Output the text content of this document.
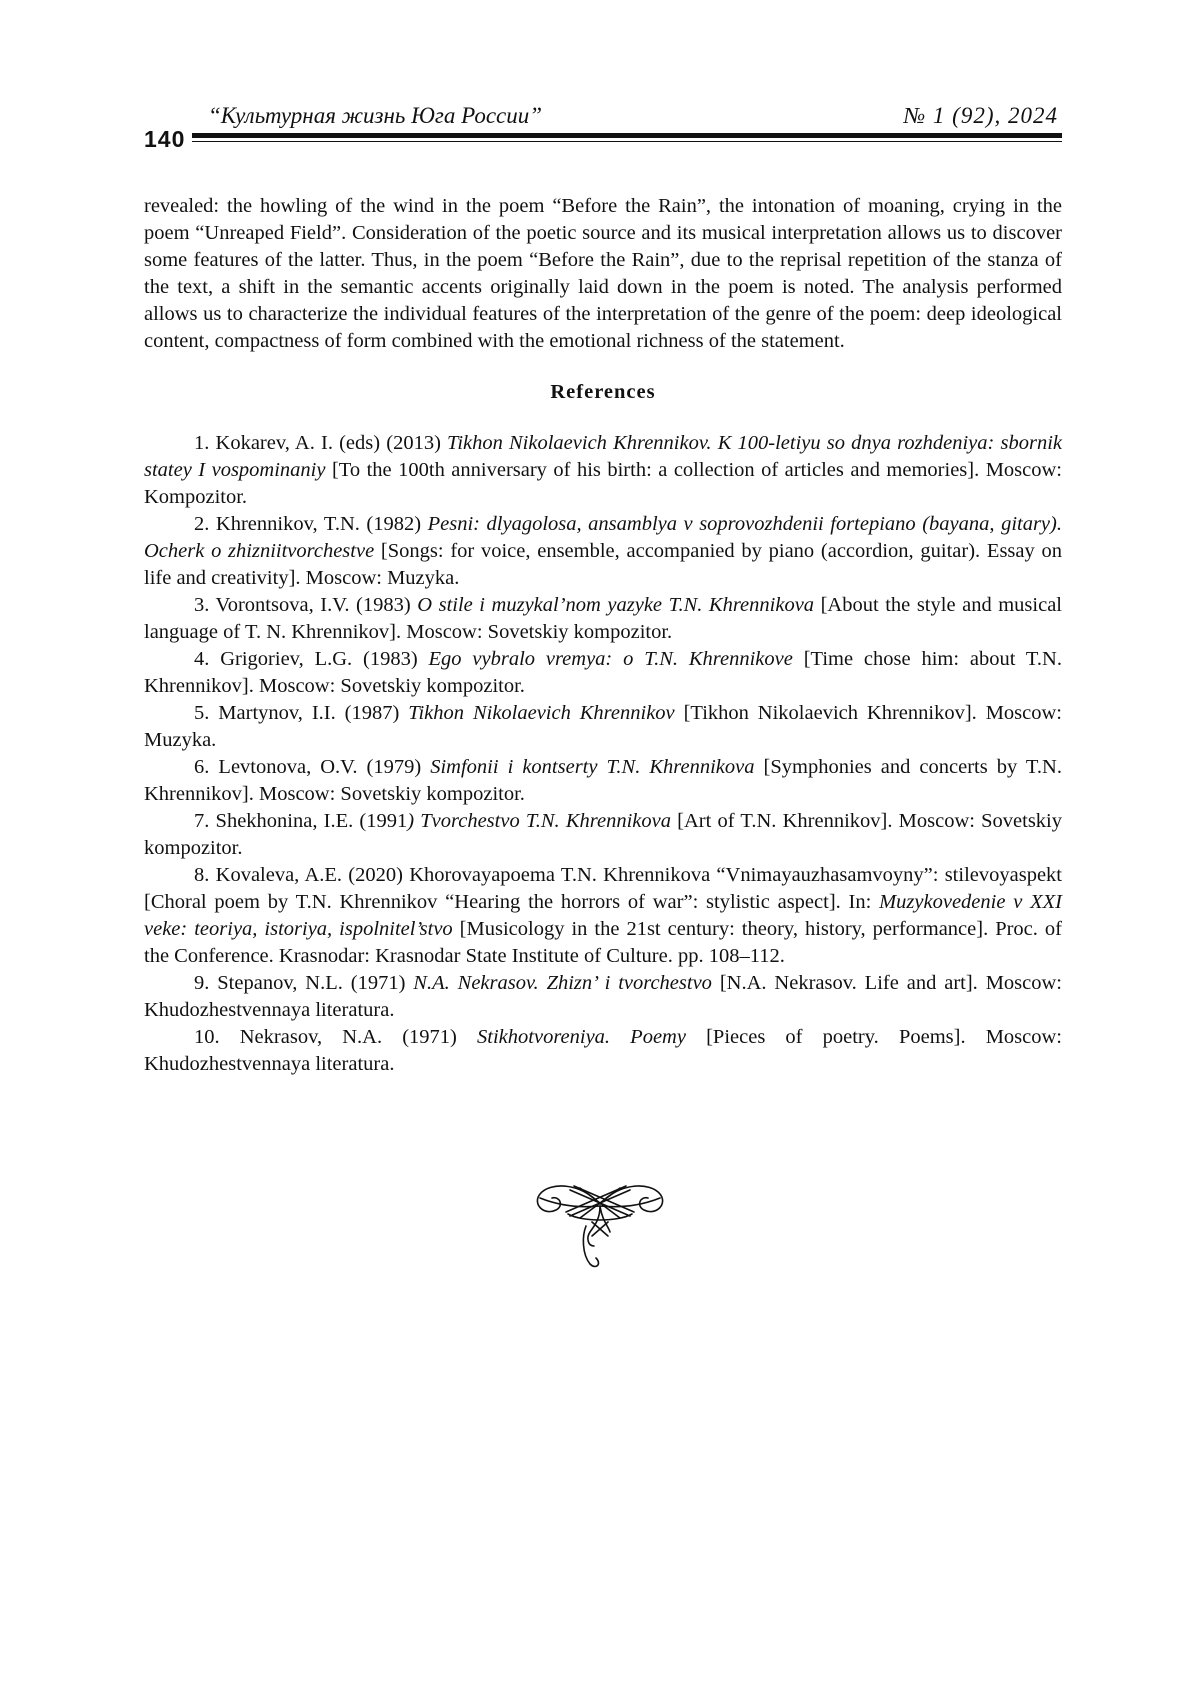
“Культурная жизнь Юга России”	№ 1 (92), 2024
140

revealed: the howling of the wind in the poem “Before the Rain”, the intonation of moaning, crying in the poem “Unreaped Field”. Consideration of the poetic source and its musical interpretation allows us to discover some features of the latter. Thus, in the poem “Before the Rain”, due to the reprisal repetition of the stanza of the text, a shift in the semantic accents originally laid down in the poem is noted. The analysis performed allows us to characterize the individual features of the interpretation of the genre of the poem: deep ideological content, compactness of form combined with the emotional richness of the statement.

References

1. Kokarev, A. I. (eds) (2013) Tikhon Nikolaevich Khrennikov. K 100-letiyu so dnya rozhdeniya: sbornik statey I vospominaniy [To the 100th anniversary of his birth: a collection of articles and memories]. Moscow: Kompozitor.

2. Khrennikov, T.N. (1982) Pesni: dlyagolosa, ansamblya v soprovozhdenii fortepiano (bayana, gitary). Ocherk o zhizniitvorchestve [Songs: for voice, ensemble, accompanied by piano (accordion, guitar). Essay on life and creativity]. Moscow: Muzyka.

3. Vorontsova, I.V. (1983) O stile i muzykal’nom yazyke T.N. Khrennikova [About the style and musical language of T. N. Khrennikov]. Moscow: Sovetskiy kompozitor.

4. Grigoriev, L.G. (1983) Ego vybralo vremya: o T.N. Khrennikove [Time chose him: about T.N. Khrennikov]. Moscow: Sovetskiy kompozitor.

5. Martynov, I.I. (1987) Tikhon Nikolaevich Khrennikov [Tikhon Nikolaevich Khrennikov]. Moscow: Muzyka.

6. Levtonova, O.V. (1979) Simfonii i kontserty T.N. Khrennikova [Symphonies and concerts by T.N. Khrennikov]. Moscow: Sovetskiy kompozitor.

7. Shekhonina, I.E. (1991) Tvorchestvo T.N. Khrennikova [Art of T.N. Khrennikov]. Moscow: Sovetskiy kompozitor.

8. Kovaleva, A.E. (2020) Khorovayapoema T.N. Khrennikova “Vnimayauzhasamvoyny”: stilevoyaspekt [Choral poem by T.N. Khrennikov “Hearing the horrors of war”: stylistic aspect]. In: Muzykovedenie v XXI veke: teoriya, istoriya, ispolnitel’stvo [Musicology in the 21st century: theory, history, performance]. Proc. of the Conference. Krasnodar: Krasnodar State Institute of Culture. pp. 108–112.

9. Stepanov, N.L. (1971) N.A. Nekrasov. Zhizn’ i tvorchestvo [N.A. Nekrasov. Life and art]. Moscow: Khudozhestvennaya literatura.

10. Nekrasov, N.A. (1971) Stikhotvoreniya. Poemy [Pieces of poetry. Poems]. Moscow: Khudozhestvennaya literatura.
